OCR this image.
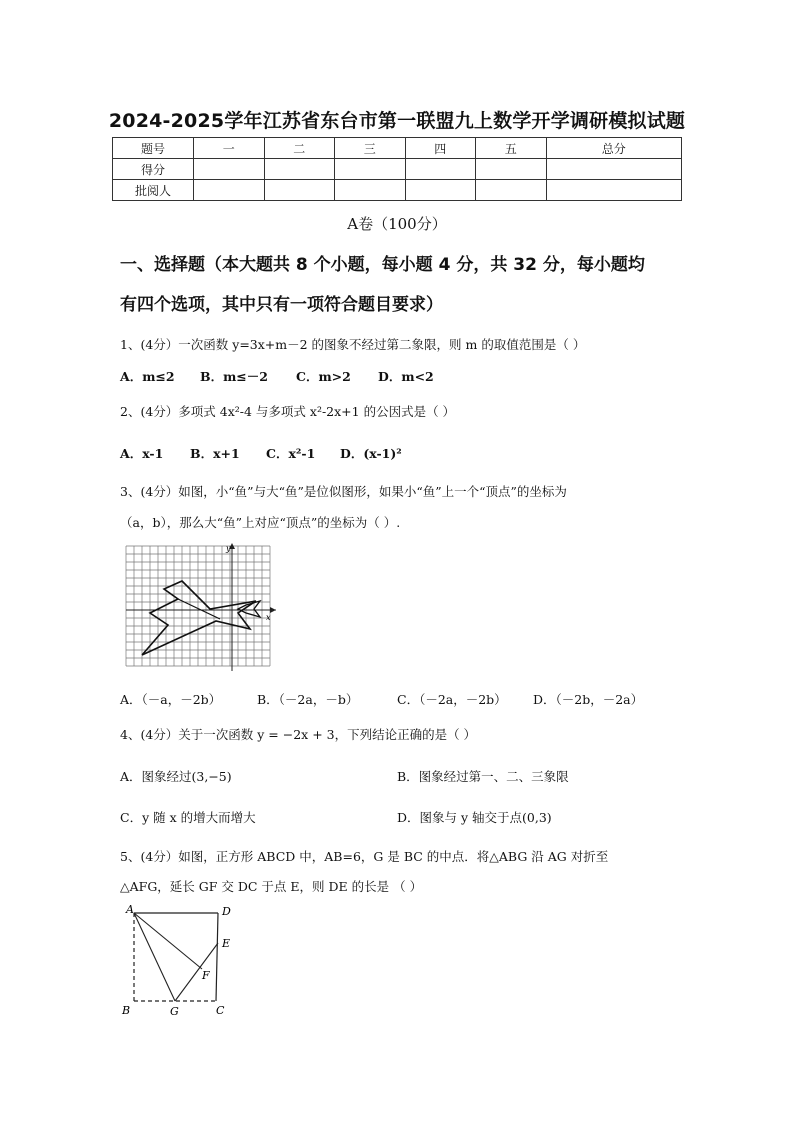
2024-2025学年江苏省东台市第一联盟九上数学开学调研模拟试题
题号	一	二	三	四	五	总分
得分						
批阅人						
A卷（100分）
一、选择题（本大题共 8 个小题，每小题 4 分，共 32 分，每小题均
有四个选项，其中只有一项符合题目要求）
1、(4分）一次函数 y=3x+m－2 的图象不经过第二象限，则 m 的取值范围是（ ）
A．m≤2 B．m≤－2 C．m>2 D．m<2
2、(4分）多项式 4x²-4 与多项式 x²-2x+1 的公因式是（ ）
A．x-1 B．x+1 C．x²-1 D．(x-1)²
3、(4分）如图，小“鱼”与大“鱼”是位似图形，如果小“鱼”上一个“顶点”的坐标为
（a，b），那么大“鱼”上对应“顶点”的坐标为（ ）.
y
x
A．（－a，－2b）	B．（－2a，－b）	C．（－2a，－2b） D．（－2b，－2a）
4、(4分）关于一次函数 y = −2x + 3，下列结论正确的是（ ）
A．图象经过(3,−5)	B．图象经过第一、二、三象限
C．y 随 x 的增大而增大	D．图象与 y 轴交于点(0,3)
5、(4分）如图，正方形 ABCD 中，AB=6，G 是 BC 的中点．将△ABG 沿 AG 对折至
△AFG，延长 GF 交 DC 于点 E，则 DE 的长是 （ ）
A	D
E
F
B	G	C
